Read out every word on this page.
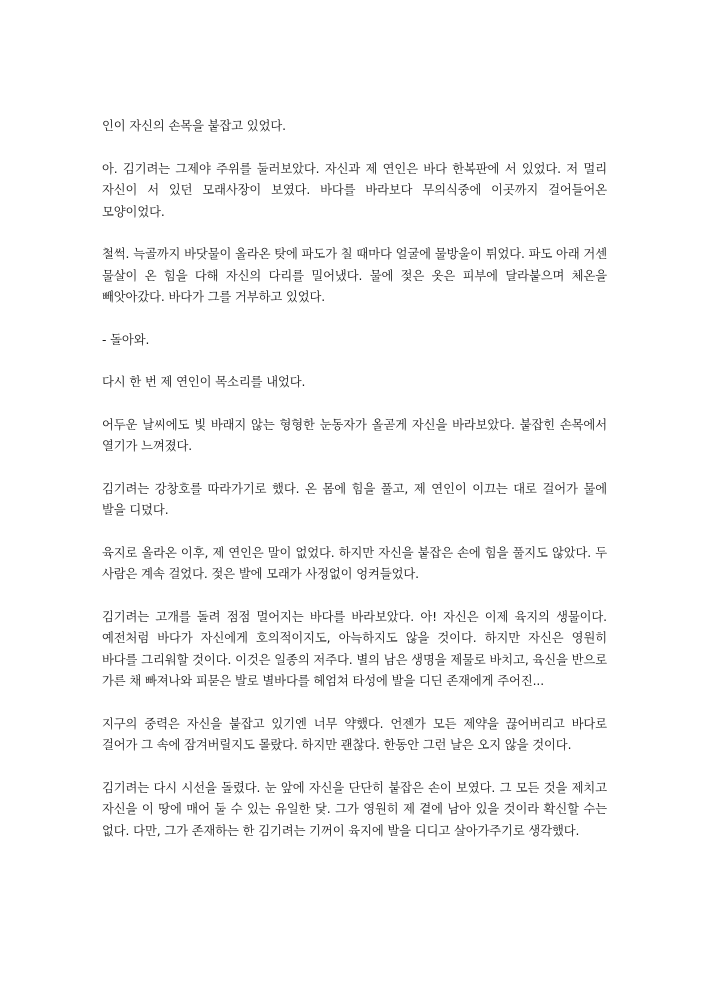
인이 자신의 손목을 붙잡고 있었다.

아. 김기려는 그제야 주위를 둘러보았다. 자신과 제 연인은 바다 한복판에 서 있었다. 저 멀리 자신이 서 있던 모래사장이 보였다. 바다를 바라보다 무의식중에 이곳까지 걸어들어온 모양이었다.

철썩. 늑골까지 바닷물이 올라온 탓에 파도가 칠 때마다 얼굴에 물방울이 튀었다. 파도 아래 거센 물살이 온 힘을 다해 자신의 다리를 밀어냈다. 물에 젖은 옷은 피부에 달라붙으며 체온을 빼앗아갔다. 바다가 그를 거부하고 있었다.

- 돌아와.

다시 한 번 제 연인이 목소리를 내었다.

어두운 날씨에도 빛 바래지 않는 형형한 눈동자가 올곧게 자신을 바라보았다. 붙잡힌 손목에서 열기가 느껴졌다.

김기려는 강창호를 따라가기로 했다. 온 몸에 힘을 풀고, 제 연인이 이끄는 대로 걸어가 물에 발을 디뎠다.

육지로 올라온 이후, 제 연인은 말이 없었다. 하지만 자신을 붙잡은 손에 힘을 풀지도 않았다. 두 사람은 계속 걸었다. 젖은 발에 모래가 사정없이 엉켜들었다.

김기려는 고개를 돌려 점점 멀어지는 바다를 바라보았다. 아! 자신은 이제 육지의 생물이다. 예전처럼 바다가 자신에게 호의적이지도, 아늑하지도 않을 것이다. 하지만 자신은 영원히 바다를 그리워할 것이다. 이것은 일종의 저주다. 별의 남은 생명을 제물로 바치고, 육신을 반으로 가른 채 빠져나와 피묻은 발로 별바다를 헤엄쳐 타성에 발을 디딘 존재에게 주어진...

지구의 중력은 자신을 붙잡고 있기엔 너무 약했다. 언젠가 모든 제약을 끊어버리고 바다로 걸어가 그 속에 잠겨버릴지도 몰랐다. 하지만 괜찮다. 한동안 그런 날은 오지 않을 것이다.

김기려는 다시 시선을 돌렸다. 눈 앞에 자신을 단단히 붙잡은 손이 보였다. 그 모든 것을 제치고 자신을 이 땅에 매어 둘 수 있는 유일한 닻. 그가 영원히 제 곁에 남아 있을 것이라 확신할 수는 없다. 다만, 그가 존재하는 한 김기려는 기꺼이 육지에 발을 디디고 살아가주기로 생각했다.
